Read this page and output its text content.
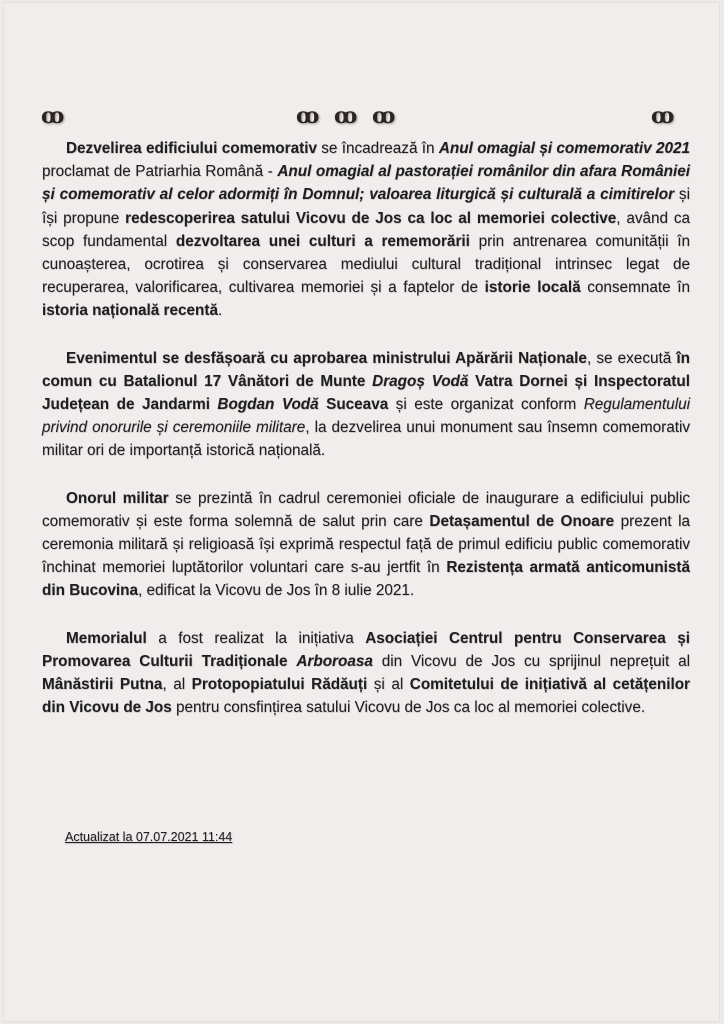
ꝏ	ꝏ ꝏ ꝏ	ꝏ

Dezvelirea edificiului comemorativ se încadrează în Anul omagial și comemorativ 2021 proclamat de Patriarhia Română - Anul omagial al pastorației românilor din afara României și comemorativ al celor adormiți în Domnul; valoarea liturgică și culturală a cimitirelor și își propune redescoperirea satului Vicovu de Jos ca loc al memoriei colective, având ca scop fundamental dezvoltarea unei culturi a rememorării prin antrenarea comunității în cunoașterea, ocrotirea și conservarea mediului cultural tradițional intrinsec legat de recuperarea, valorificarea, cultivarea memoriei și a faptelor de istorie locală consemnate în istoria națională recentă.

Evenimentul se desfășoară cu aprobarea ministrului Apărării Naționale, se execută în comun cu Batalionul 17 Vânători de Munte Dragoș Vodă Vatra Dornei și Inspectoratul Județean de Jandarmi Bogdan Vodă Suceava și este organizat conform Regulamentului privind onorurile și ceremoniile militare, la dezvelirea unui monument sau însemn comemorativ militar ori de importanță istorică națională.

Onorul militar se prezintă în cadrul ceremoniei oficiale de inaugurare a edificiului public comemorativ și este forma solemnă de salut prin care Detașamentul de Onoare prezent la ceremonia militară și religioasă își exprimă respectul față de primul edificiu public comemorativ închinat memoriei luptătorilor voluntari care s-au jertfit în Rezistența armată anticomunistă din Bucovina, edificat la Vicovu de Jos în 8 iulie 2021.

Memorialul a fost realizat la inițiativa Asociației Centrul pentru Conservarea și Promovarea Culturii Tradiționale Arboroasa din Vicovu de Jos cu sprijinul neprețuit al Mânăstirii Putna, al Protopopiatului Rădăuți și al Comitetului de inițiativă al cetățenilor din Vicovu de Jos pentru consfințirea satului Vicovu de Jos ca loc al memoriei colective.

Actualizat la 07.07.2021 11:44
